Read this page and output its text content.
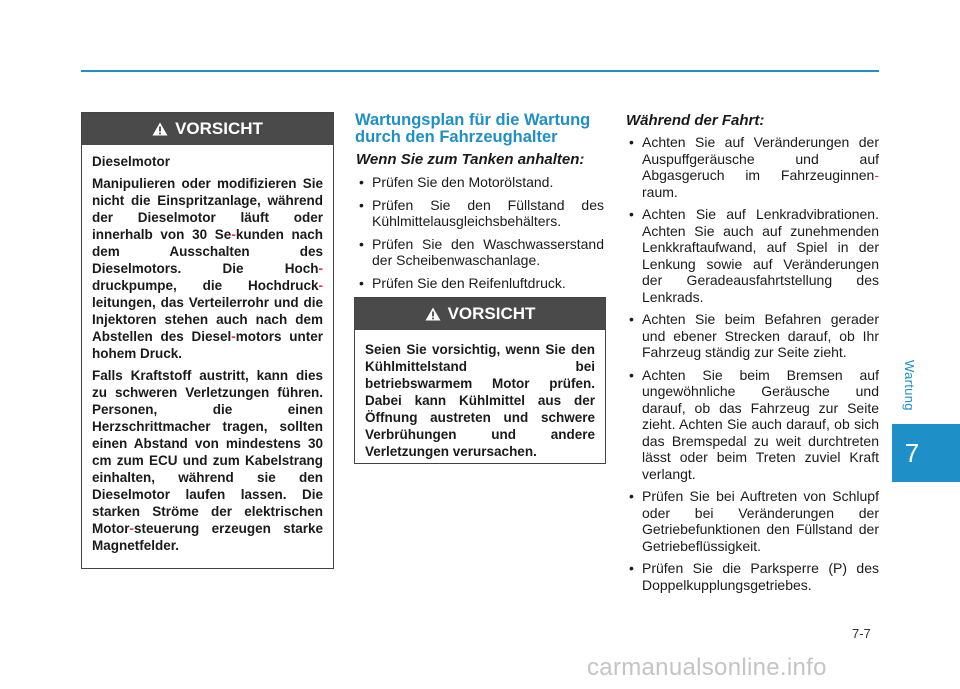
Wartung
7
VORSICHT

Dieselmotor

Manipulieren oder modifizieren Sie nicht die Einspritzanlage, während der Dieselmotor läuft oder innerhalb von 30 Se-kunden nach dem Ausschalten des Dieselmotors. Die Hoch-druckpumpe, die Hochdruck-leitungen, das Verteilerrohr und die Injektoren stehen auch nach dem Abstellen des Diesel-motors unter hohem Druck.

Falls Kraftstoff austritt, kann dies zu schweren Verletzungen führen. Personen, die einen Herzschrittmacher tragen, sollten einen Abstand von mindestens 30 cm zum ECU und zum Kabelstrang einhalten, während sie den Dieselmotor laufen lassen. Die starken Ströme der elektrischen Motor-steuerung erzeugen starke Magnetfelder.

Wartungsplan für die Wartung durch den Fahrzeughalter
Wenn Sie zum Tanken anhalten:
• Prüfen Sie den Motorölstand.
• Prüfen Sie den Füllstand des Kühlmittelausgleichsbehälters.
• Prüfen Sie den Waschwasserstand der Scheibenwaschanlage.
• Prüfen Sie den Reifenluftdruck.
VORSICHT

Seien Sie vorsichtig, wenn Sie den Kühlmittelstand bei betriebswarmem Motor prüfen. Dabei kann Kühlmittel aus der Öffnung austreten und schwere Verbrühungen und andere Verletzungen verursachen.

Während der Fahrt:
• Achten Sie auf Veränderungen der Auspuffgeräusche und auf Abgasgeruch im Fahrzeuginnen-raum.
• Achten Sie auf Lenkradvibrationen. Achten Sie auch auf zunehmenden Lenkkraftaufwand, auf Spiel in der Lenkung sowie auf Veränderungen der Geradeausfahrtstellung des Lenkrads.
• Achten Sie beim Befahren gerader und ebener Strecken darauf, ob Ihr Fahrzeug ständig zur Seite zieht.
• Achten Sie beim Bremsen auf ungewöhnliche Geräusche und darauf, ob das Fahrzeug zur Seite zieht. Achten Sie auch darauf, ob sich das Bremspedal zu weit durchtreten lässt oder beim Treten zuviel Kraft verlangt.
• Prüfen Sie bei Auftreten von Schlupf oder bei Veränderungen der Getriebefunktionen den Füllstand der Getriebeflüssigkeit.
• Prüfen Sie die Parksperre (P) des Doppelkupplungsgetriebes.
7-7
carmanualsonline.info
